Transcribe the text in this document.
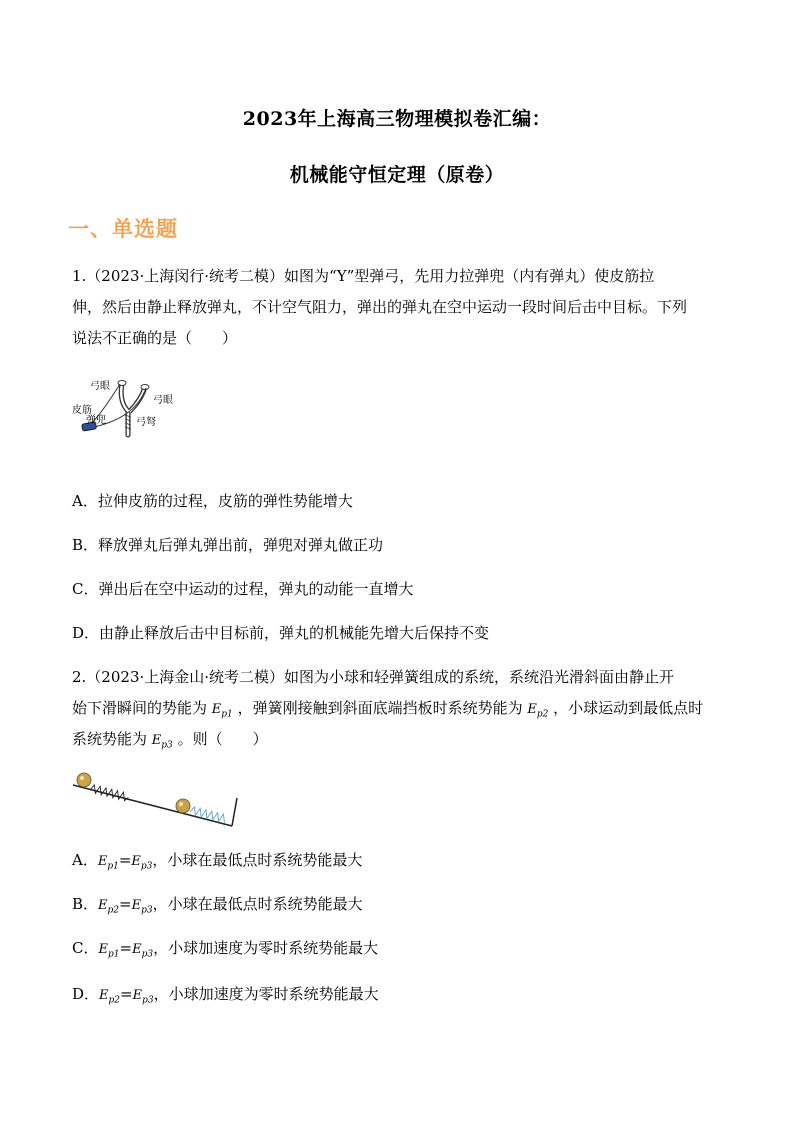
2023年上海高三物理模拟卷汇编：
机械能守恒定理（原卷）
一、单选题
1.（2023·上海闵行·统考二模）如图为“Y”型弹弓，先用力拉弹兜（内有弹丸）使皮筋拉
伸，然后由静止释放弹丸，不计空气阻力，弹出的弹丸在空中运动一段时间后击中目标。下列
说法不正确的是（　　）
弓眼
弓眼
皮筋
弓弩
弹兜
A．拉伸皮筋的过程，皮筋的弹性势能增大
B．释放弹丸后弹丸弹出前，弹兜对弹丸做正功
C．弹出后在空中运动的过程，弹丸的动能一直增大
D．由静止释放后击中目标前，弹丸的机械能先增大后保持不变
2.（2023·上海金山·统考二模）如图为小球和轻弹簧组成的系统，系统沿光滑斜面由静止开
始下滑瞬间的势能为 $E_{p1}$ ，弹簧刚接触到斜面底端挡板时系统势能为 $E_{p2}$ ，小球运动到最低点时
系统势能为 $E_{p3}$ 。则（　　）
A．$E_{p1}=E_{p3}$，小球在最低点时系统势能最大
B．$E_{p2}=E_{p3}$，小球在最低点时系统势能最大
C．$E_{p1}=E_{p3}$，小球加速度为零时系统势能最大
D．$E_{p2}=E_{p3}$，小球加速度为零时系统势能最大
